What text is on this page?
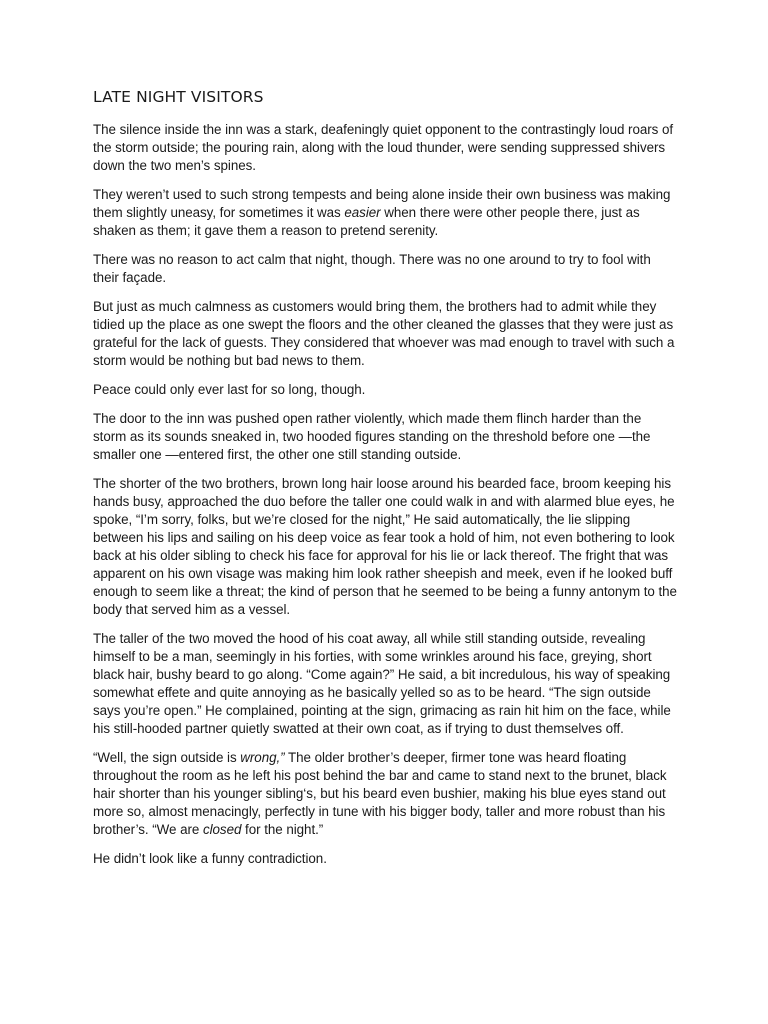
LATE NIGHT VISITORS

The silence inside the inn was a stark, deafeningly quiet opponent to the contrastingly loud roars of the storm outside; the pouring rain, along with the loud thunder, were sending suppressed shivers down the two men’s spines.

They weren’t used to such strong tempests and being alone inside their own business was making them slightly uneasy, for sometimes it was easier when there were other people there, just as shaken as them; it gave them a reason to pretend serenity.

There was no reason to act calm that night, though. There was no one around to try to fool with their façade.

But just as much calmness as customers would bring them, the brothers had to admit while they tidied up the place as one swept the floors and the other cleaned the glasses that they were just as grateful for the lack of guests. They considered that whoever was mad enough to travel with such a storm would be nothing but bad news to them.

Peace could only ever last for so long, though.

The door to the inn was pushed open rather violently, which made them flinch harder than the storm as its sounds sneaked in, two hooded figures standing on the threshold before one —the smaller one —entered first, the other one still standing outside.

The shorter of the two brothers, brown long hair loose around his bearded face, broom keeping his hands busy, approached the duo before the taller one could walk in and with alarmed blue eyes, he spoke, “I’m sorry, folks, but we’re closed for the night,” He said automatically, the lie slipping between his lips and sailing on his deep voice as fear took a hold of him, not even bothering to look back at his older sibling to check his face for approval for his lie or lack thereof. The fright that was apparent on his own visage was making him look rather sheepish and meek, even if he looked buff enough to seem like a threat; the kind of person that he seemed to be being a funny antonym to the body that served him as a vessel.

The taller of the two moved the hood of his coat away, all while still standing outside, revealing himself to be a man, seemingly in his forties, with some wrinkles around his face, greying, short black hair, bushy beard to go along. “Come again?” He said, a bit incredulous, his way of speaking somewhat effete and quite annoying as he basically yelled so as to be heard. “The sign outside says you’re open.” He complained, pointing at the sign, grimacing as rain hit him on the face, while his still-hooded partner quietly swatted at their own coat, as if trying to dust themselves off.

“Well, the sign outside is wrong,” The older brother’s deeper, firmer tone was heard floating throughout the room as he left his post behind the bar and came to stand next to the brunet, black hair shorter than his younger sibling‘s, but his beard even bushier, making his blue eyes stand out more so, almost menacingly, perfectly in tune with his bigger body, taller and more robust than his brother’s. “We are closed for the night.”

He didn’t look like a funny contradiction.
